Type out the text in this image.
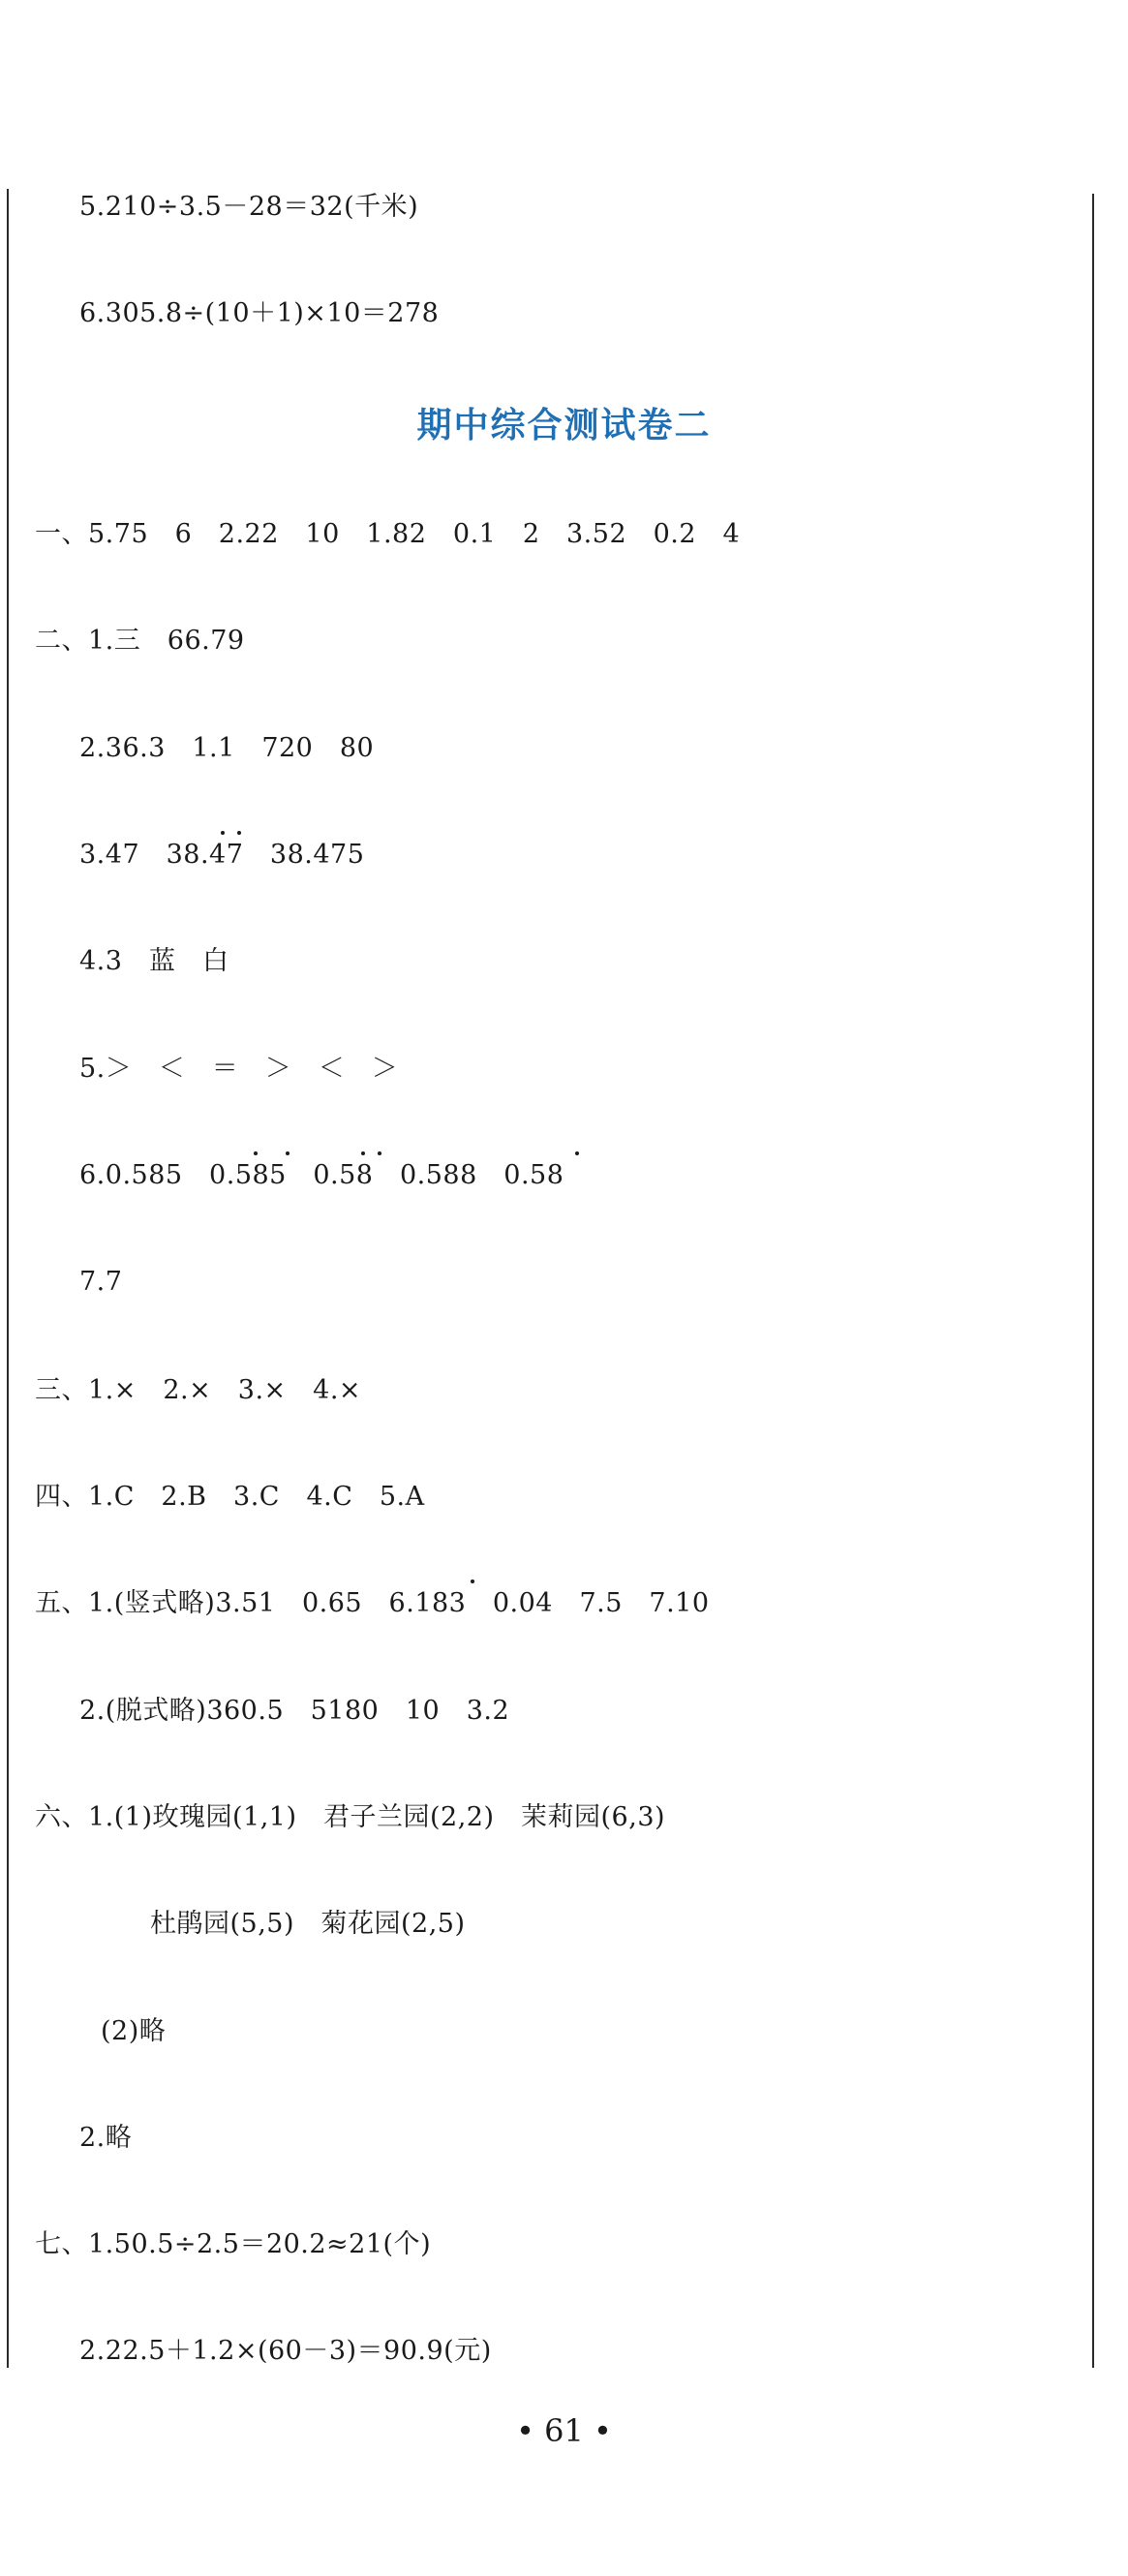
5.210÷3.5－28＝32(千米)
6.305.8÷(10＋1)×10＝278
期中综合测试卷二
一、5.75　6　2.22　10　1.82　0.1　2　3.52　0.2　4
二、1.三　66.79
2.36.3　1.1　720　80
3.47　38.47　38.475
4.3　蓝　白
5.＞　＜　＝　＞　＜　＞
6.0.585　0.585　0.58　0.588　0.58
7.7
三、1.×　2.×　3.×　4.×
四、1.C　2.B　3.C　4.C　5.A
五、1.(竖式略)3.51　0.65　6.183　0.04　7.5　7.10
2.(脱式略)360.5　5180　10　3.2
六、1.(1)玫瑰园(1,1)　君子兰园(2,2)　茉莉园(6,3)
杜鹃园(5,5)　菊花园(2,5)
(2)略
2.略
七、1.50.5÷2.5＝20.2≈21(个)
2.22.5＋1.2×(60－3)＝90.9(元)
• 61 •
